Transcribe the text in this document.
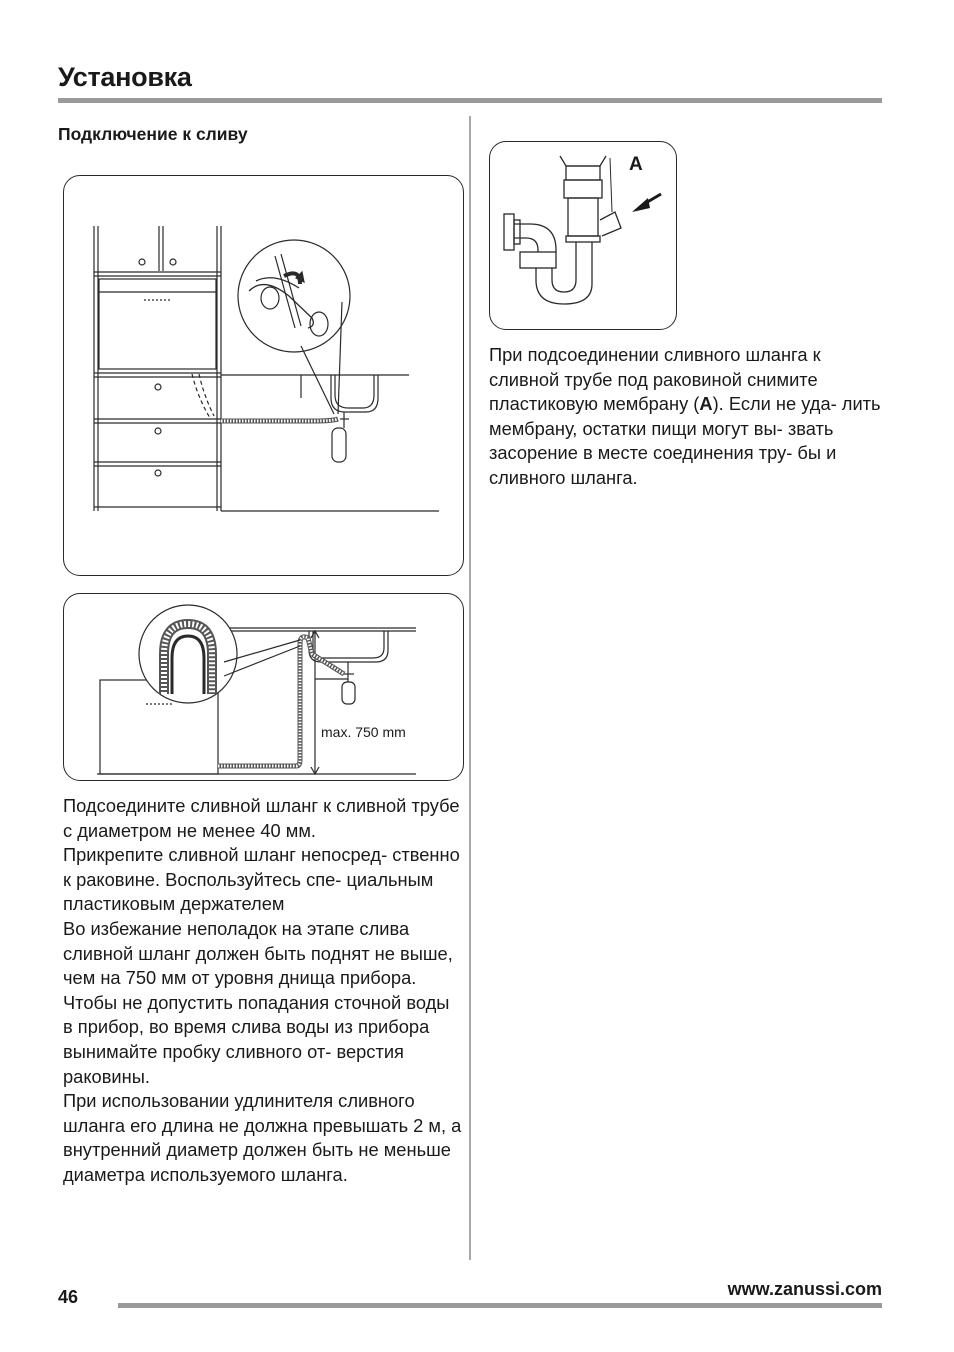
Установка
Подключение к сливу
max. 750 mm
A

Подсоедините сливной шланг к сливной трубе с диаметром не менее 40 мм.

Прикрепите сливной шланг непосред- ственно к раковине. Воспользуйтесь спе- циальным пластиковым держателем

Во избежание неполадок на этапе слива сливной шланг должен быть поднят не выше, чем на 750 мм от уровня днища прибора.

Чтобы не допустить попадания сточной воды в прибор, во время слива воды из прибора вынимайте пробку сливного от- верстия раковины.

При использовании удлинителя сливного шланга его длина не должна превышать 2 м, а внутренний диаметр должен быть не меньше диаметра используемого шланга.

При подсоединении сливного шланга к сливной трубе под раковиной снимите пластиковую мембрану (A). Если не уда- лить мембрану, остатки пищи могут вы- звать засорение в месте соединения тру- бы и сливного шланга.

46	www.zanussi.com
